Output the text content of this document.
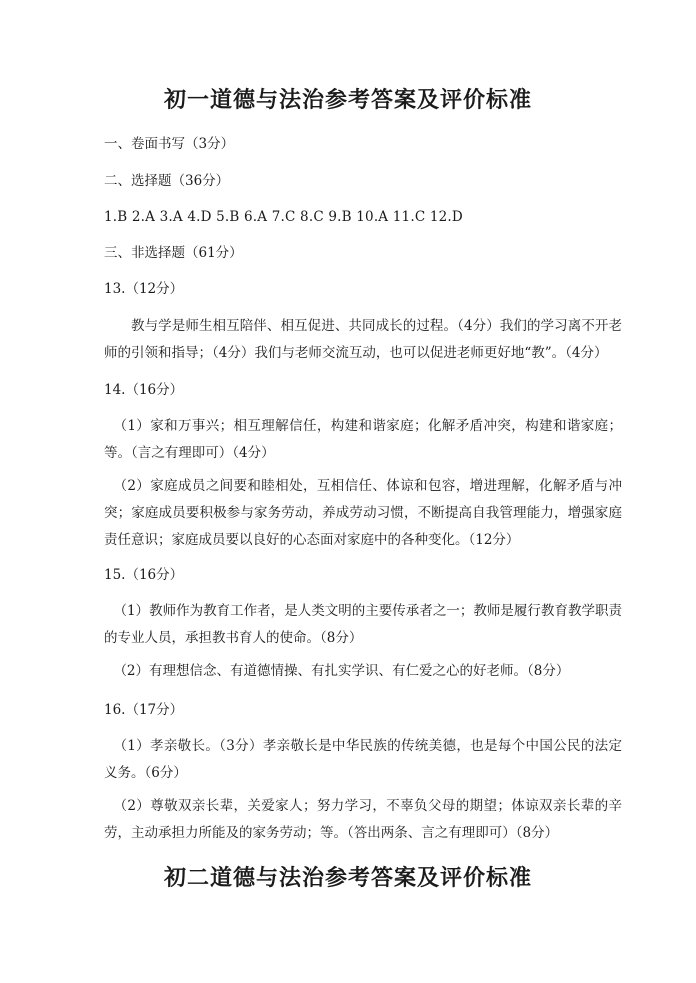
初一道德与法治参考答案及评价标准
一、卷面书写（3分）
二、选择题（36分）
1.B 2.A 3.A 4.D 5.B 6.A 7.C 8.C 9.B 10.A 11.C 12.D
三、非选择题（61分）
13.（12分）
教与学是师生相互陪伴、相互促进、共同成长的过程。（4分）我们的学习离不开老师的引领和指导；（4分）我们与老师交流互动，也可以促进老师更好地“教”。（4分）
14.（16分）
（1）家和万事兴；相互理解信任，构建和谐家庭；化解矛盾冲突，构建和谐家庭；等。（言之有理即可）（4分）
（2）家庭成员之间要和睦相处，互相信任、体谅和包容，增进理解，化解矛盾与冲突；家庭成员要积极参与家务劳动，养成劳动习惯，不断提高自我管理能力，增强家庭责任意识；家庭成员要以良好的心态面对家庭中的各种变化。（12分）
15.（16分）
（1）教师作为教育工作者，是人类文明的主要传承者之一；教师是履行教育教学职责的专业人员，承担教书育人的使命。（8分）
（2）有理想信念、有道德情操、有扎实学识、有仁爱之心的好老师。（8分）
16.（17分）
（1）孝亲敬长。（3分）孝亲敬长是中华民族的传统美德，也是每个中国公民的法定义务。（6分）
（2）尊敬双亲长辈，关爱家人；努力学习，不辜负父母的期望；体谅双亲长辈的辛劳，主动承担力所能及的家务劳动；等。（答出两条、言之有理即可）（8分）
初二道德与法治参考答案及评价标准
